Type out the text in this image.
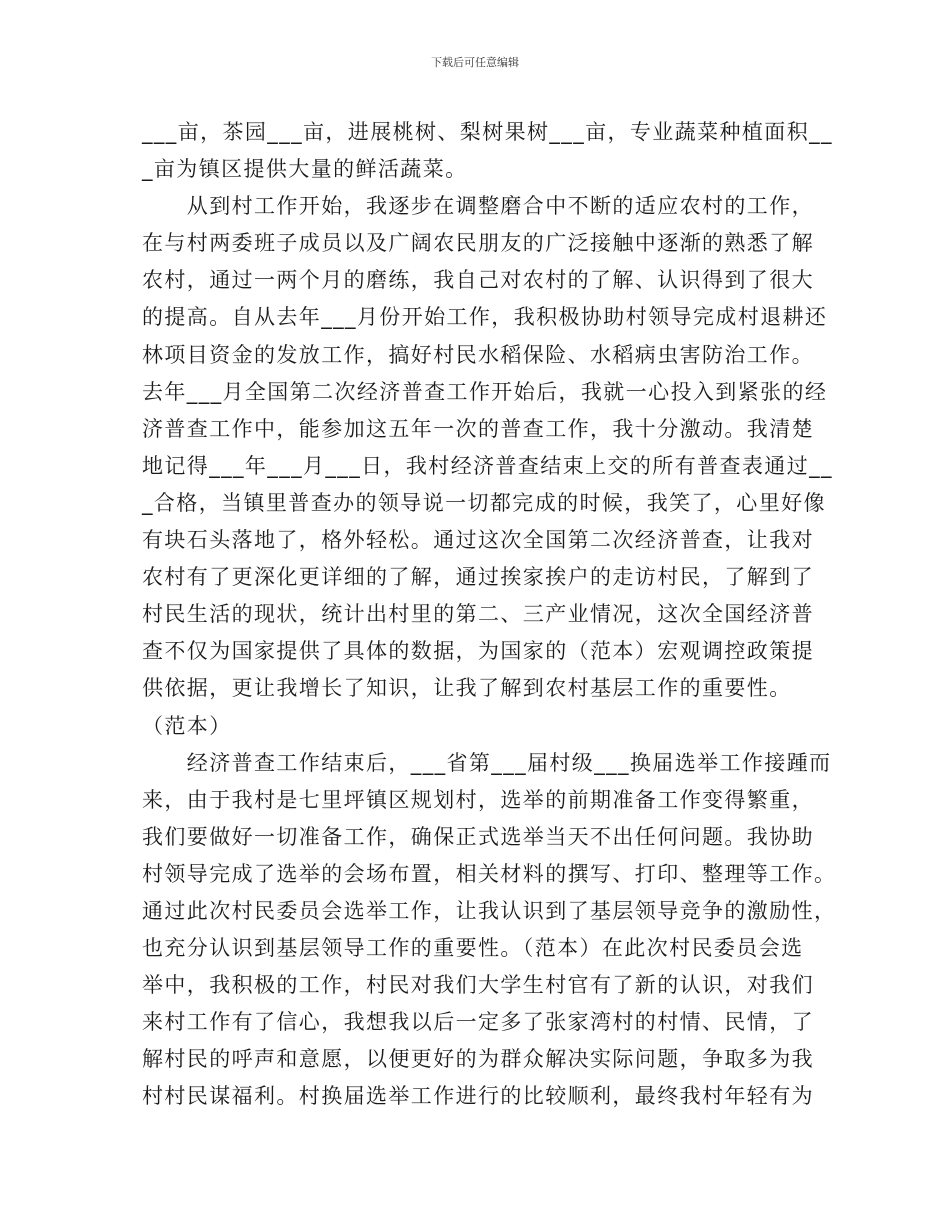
下载后可任意编辑
___亩，茶园___亩，进展桃树、梨树果树___亩，专业蔬菜种植面积__
_亩为镇区提供大量的鲜活蔬菜。
　　从到村工作开始，我逐步在调整磨合中不断的适应农村的工作，
在与村两委班子成员以及广阔农民朋友的广泛接触中逐渐的熟悉了解
农村，通过一两个月的磨练，我自己对农村的了解、认识得到了很大
的提高。自从去年___月份开始工作，我积极协助村领导完成村退耕还
林项目资金的发放工作，搞好村民水稻保险、水稻病虫害防治工作。
去年___月全国第二次经济普查工作开始后，我就一心投入到紧张的经
济普查工作中，能参加这五年一次的普查工作，我十分激动。我清楚
地记得___年___月___日，我村经济普查结束上交的所有普查表通过__
_合格，当镇里普查办的领导说一切都完成的时候，我笑了，心里好像
有块石头落地了，格外轻松。通过这次全国第二次经济普查，让我对
农村有了更深化更详细的了解，通过挨家挨户的走访村民，了解到了
村民生活的现状，统计出村里的第二、三产业情况，这次全国经济普
查不仅为国家提供了具体的数据，为国家的（范本）宏观调控政策提
供依据，更让我增长了知识，让我了解到农村基层工作的重要性。
（范本）
　　经济普查工作结束后，___省第___届村级___换届选举工作接踵而
来，由于我村是七里坪镇区规划村，选举的前期准备工作变得繁重，
我们要做好一切准备工作，确保正式选举当天不出任何问题。我协助
村领导完成了选举的会场布置，相关材料的撰写、打印、整理等工作。
通过此次村民委员会选举工作，让我认识到了基层领导竞争的激励性，
也充分认识到基层领导工作的重要性。（范本）在此次村民委员会选
举中，我积极的工作，村民对我们大学生村官有了新的认识，对我们
来村工作有了信心，我想我以后一定多了张家湾村的村情、民情，了
解村民的呼声和意愿，以便更好的为群众解决实际问题，争取多为我
村村民谋福利。村换届选举工作进行的比较顺利，最终我村年轻有为
